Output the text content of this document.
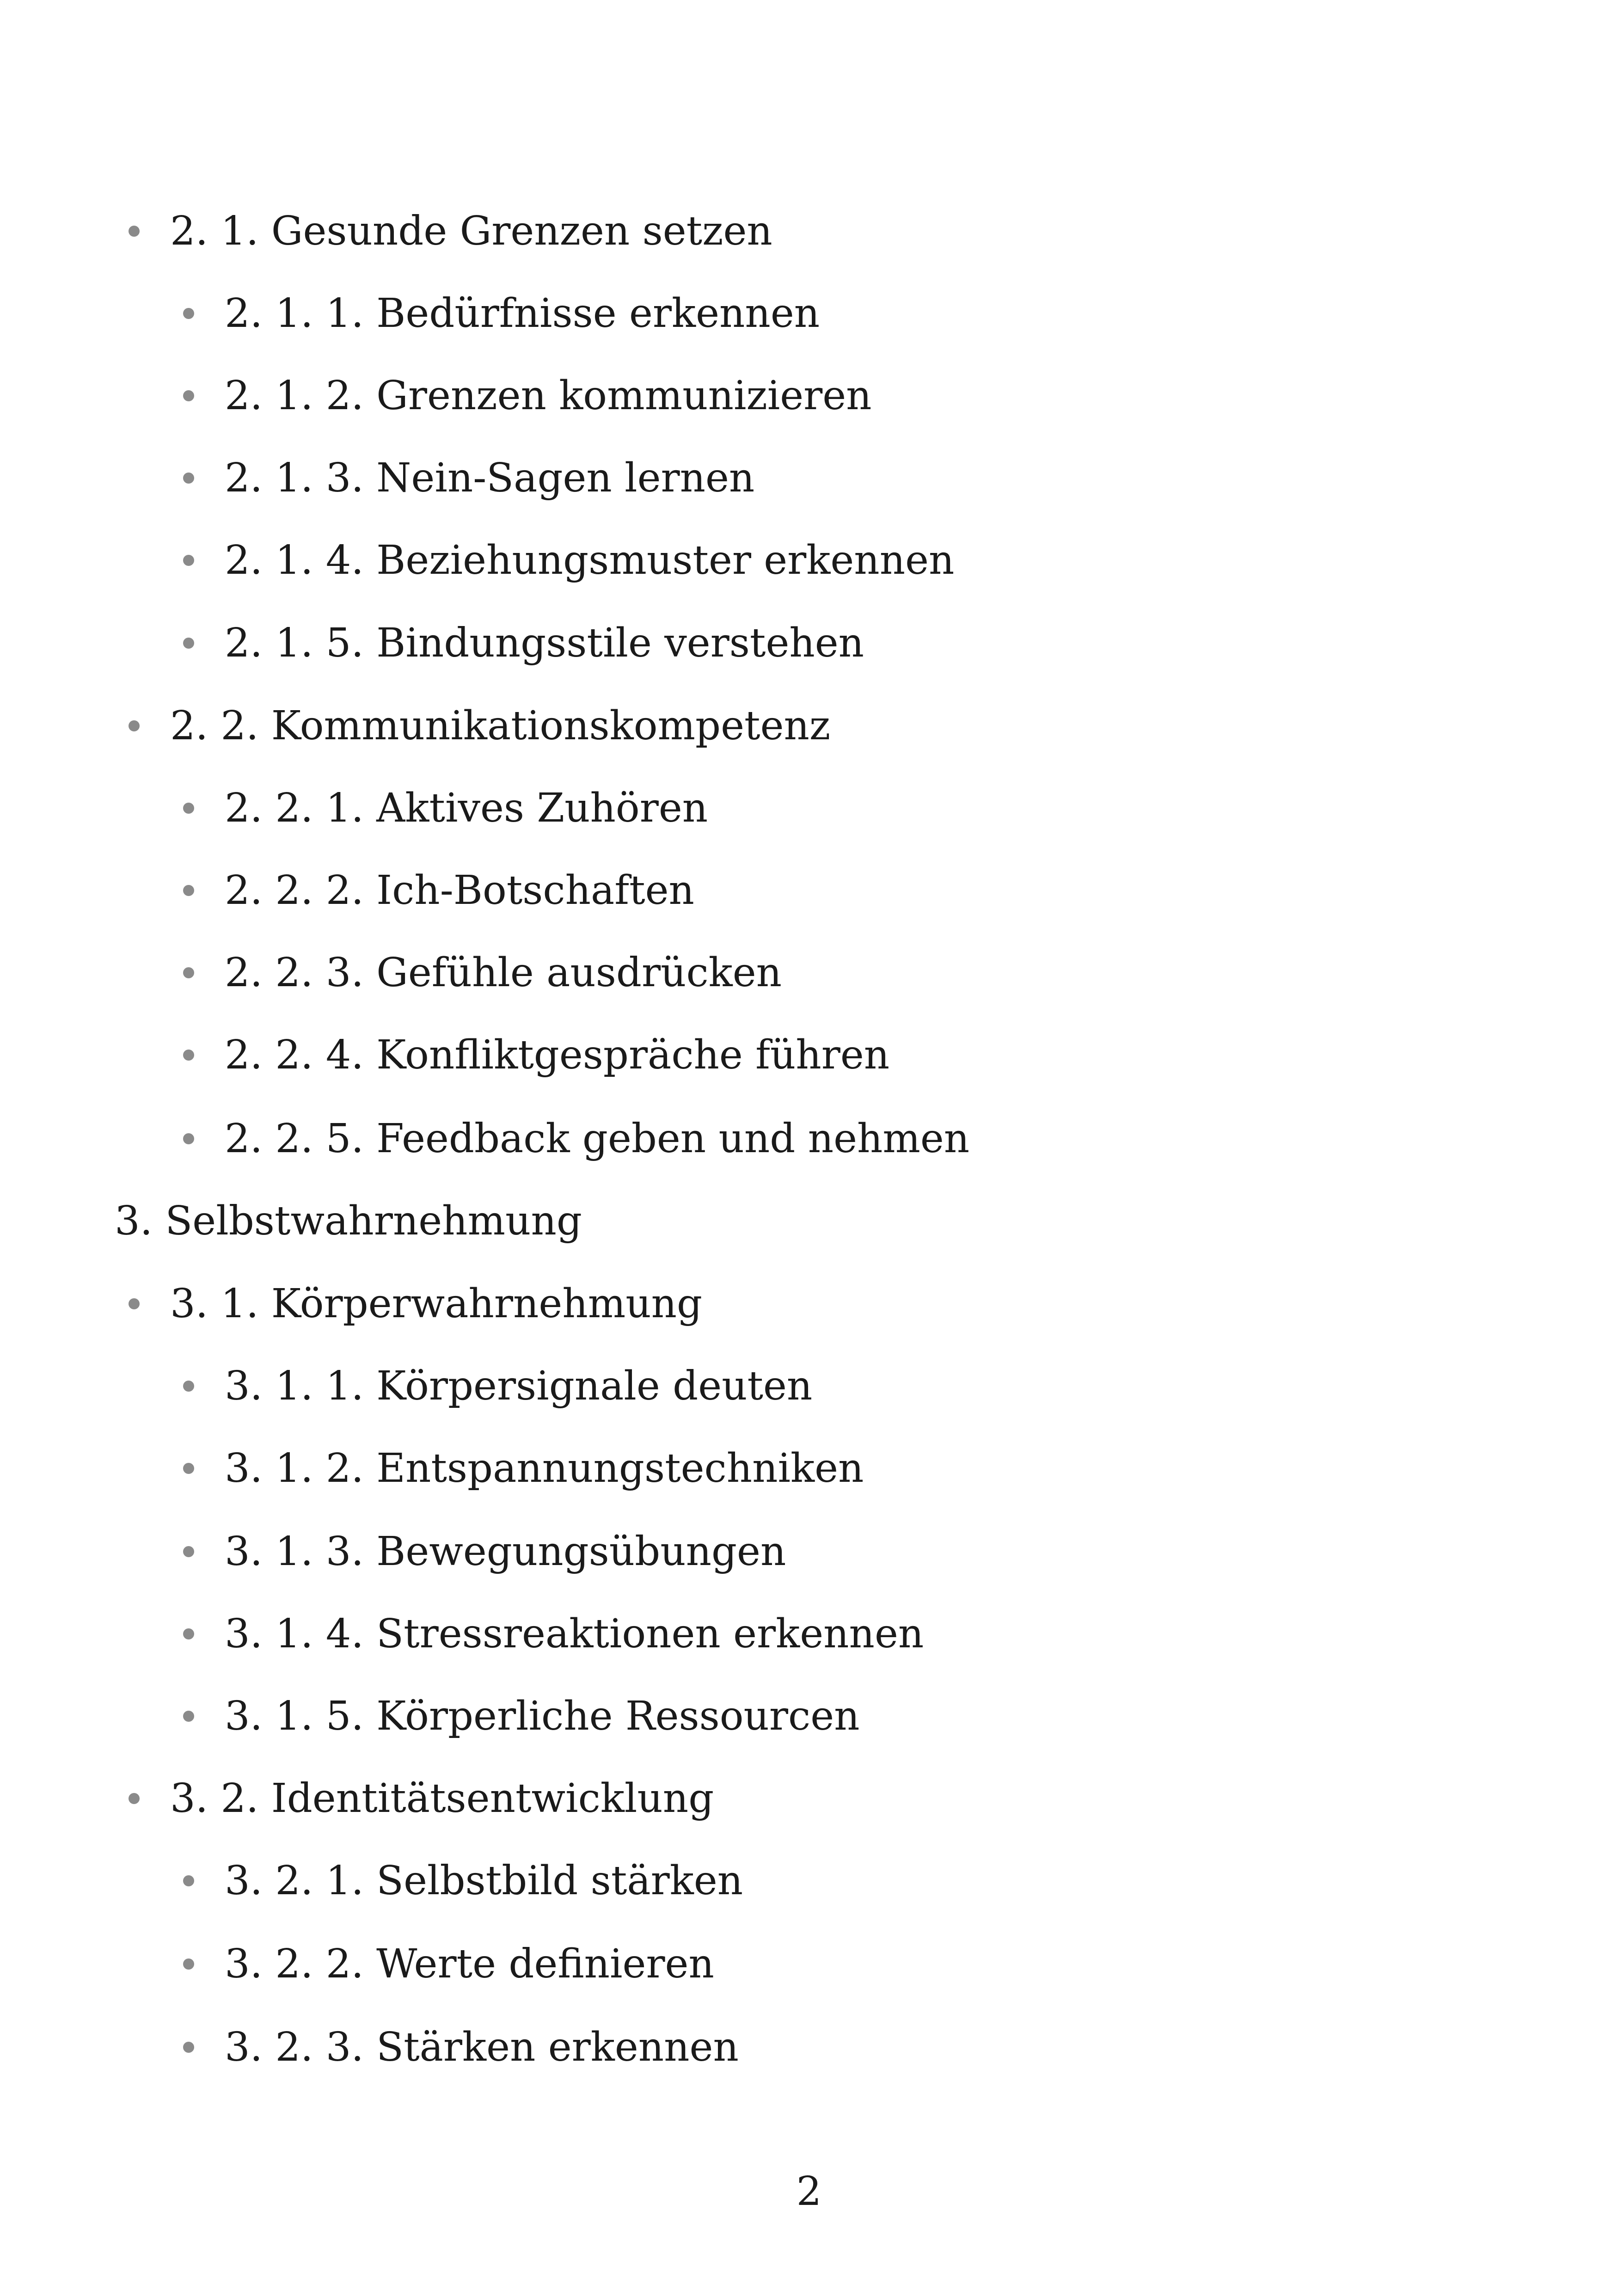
2. 1. Gesunde Grenzen setzen
2. 1. 1. Bedürfnisse erkennen
2. 1. 2. Grenzen kommunizieren
2. 1. 3. Nein-Sagen lernen
2. 1. 4. Beziehungsmuster erkennen
2. 1. 5. Bindungsstile verstehen
2. 2. Kommunikationskompetenz
2. 2. 1. Aktives Zuhören
2. 2. 2. Ich-Botschaften
2. 2. 3. Gefühle ausdrücken
2. 2. 4. Konfliktgespräche führen
2. 2. 5. Feedback geben und nehmen
3. Selbstwahrnehmung
3. 1. Körperwahrnehmung
3. 1. 1. Körpersignale deuten
3. 1. 2. Entspannungstechniken
3. 1. 3. Bewegungsübungen
3. 1. 4. Stressreaktionen erkennen
3. 1. 5. Körperliche Ressourcen
3. 2. Identitätsentwicklung
3. 2. 1. Selbstbild stärken
3. 2. 2. Werte definieren
3. 2. 3. Stärken erkennen
2
